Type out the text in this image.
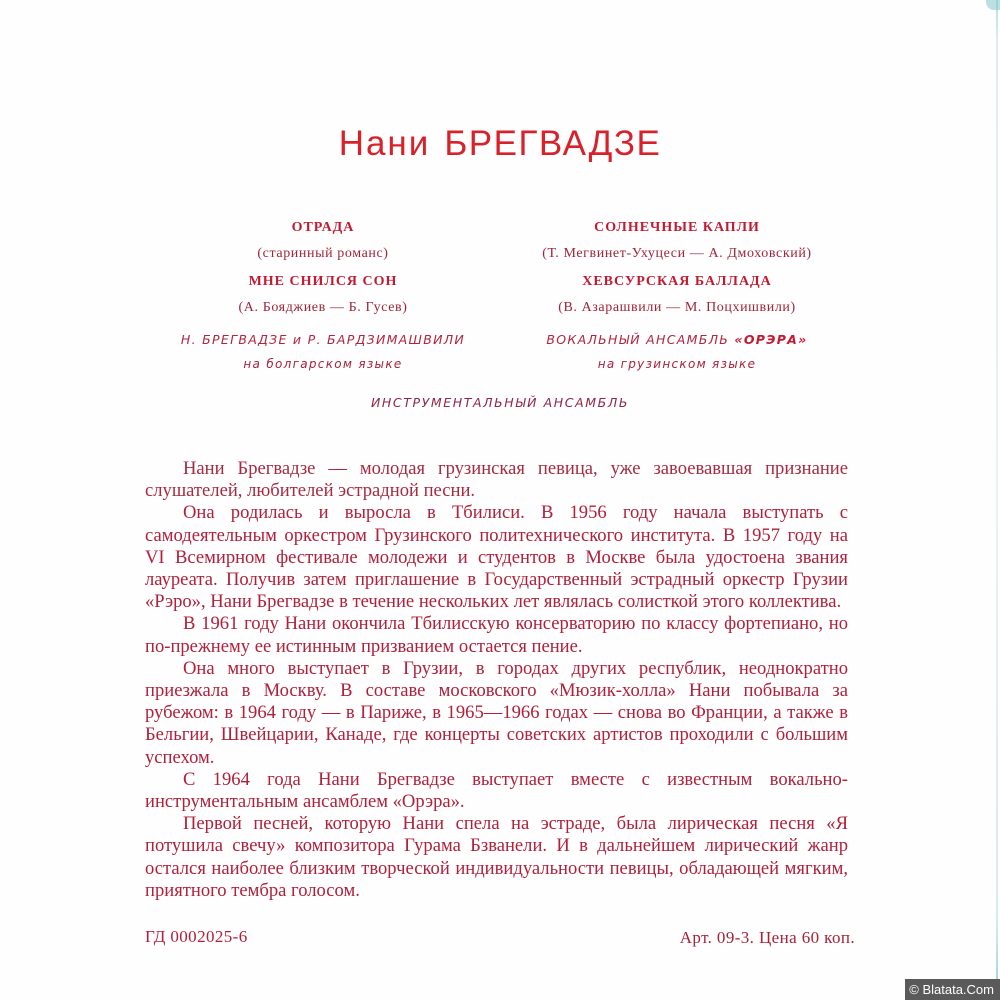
Нани БРЕГВАДЗЕ
ОТРАДА
(старинный романс)
МНЕ СНИЛСЯ СОН
(А. Бояджиев — Б. Гусев)
Н. БРЕГВАДЗЕ и Р. БАРДЗИМАШВИЛИ
на болгарском языке
СОЛНЕЧНЫЕ КАПЛИ
(Т. Мегвинет-Ухуцеси — А. Дмоховский)
ХЕВСУРСКАЯ БАЛЛАДА
(В. Азарашвили — М. Поцхишвили)
ВОКАЛЬНЫЙ АНСАМБЛЬ «ОРЭРА»
на грузинском языке
ИНСТРУМЕНТАЛЬНЫЙ АНСАМБЛЬ

Нани Брегвадзе — молодая грузинская певица, уже завоевавшая признание слушателей, любителей эстрадной песни.

Она родилась и выросла в Тбилиси. В 1956 году начала выступать с самодеятельным оркестром Грузинского политехнического института. В 1957 году на VI Всемирном фестивале молодежи и студентов в Москве была удостоена звания лауреата. Получив затем приглашение в Государственный эстрадный оркестр Грузии «Рэро», Нани Брегвадзе в течение нескольких лет являлась солисткой этого коллектива.

В 1961 году Нани окончила Тбилисскую консерваторию по классу фортепиано, но по-прежнему ее истинным призванием остается пение.

Она много выступает в Грузии, в городах других республик, неоднократно приезжала в Москву. В составе московского «Мюзик-холла» Нани побывала за рубежом: в 1964 году — в Париже, в 1965—1966 годах — снова во Франции, а также в Бельгии, Швейцарии, Канаде, где концерты советских артистов проходили с большим успехом.

С 1964 года Нани Брегвадзе выступает вместе с известным вокально-инструментальным ансамблем «Орэра».

Первой песней, которую Нани спела на эстраде, была лирическая песня «Я потушила свечу» композитора Гурама Бзванели. И в дальнейшем лирический жанр остался наиболее близким творческой индивидуальности певицы, обладающей мягким, приятного тембра голосом.

ГД 0002025-6	Арт. 09-3. Цена 60 коп.
© Blatata.Com
